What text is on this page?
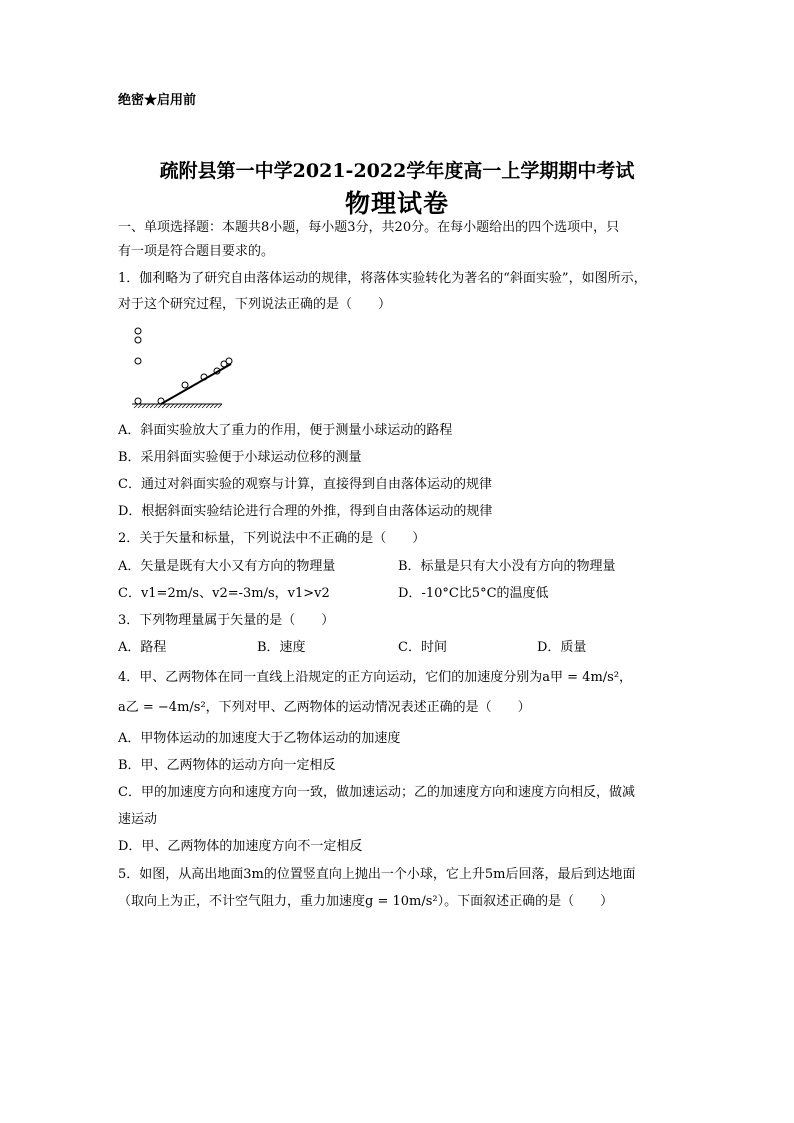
绝密★启用前
疏附县第一中学2021-2022学年度高一上学期期中考试
物理试卷
一、单项选择题：本题共8小题，每小题3分，共20分。在每小题给出的四个选项中，只
有一项是符合题目要求的。
1．伽利略为了研究自由落体运动的规律，将落体实验转化为著名的“斜面实验”，如图所示，
对于这个研究过程，下列说法正确的是（　　）
A．斜面实验放大了重力的作用，便于测量小球运动的路程
B．采用斜面实验便于小球运动位移的测量
C．通过对斜面实验的观察与计算，直接得到自由落体运动的规律
D．根据斜面实验结论进行合理的外推，得到自由落体运动的规律
2．关于矢量和标量，下列说法中不正确的是（　　）
A．矢量是既有大小又有方向的物理量	B．标量是只有大小没有方向的物理量
C．v1=2m/s、v2=-3m/s，v1>v2	D．-10°C比5°C的温度低
3．下列物理量属于矢量的是（　　）
A．路程	B．速度	C．时间	D．质量
4．甲、乙两物体在同一直线上沿规定的正方向运动，它们的加速度分别为a甲 = 4m/s²，
a乙 = −4m/s²，下列对甲、乙两物体的运动情况表述正确的是（　　）
A．甲物体运动的加速度大于乙物体运动的加速度
B．甲、乙两物体的运动方向一定相反
C．甲的加速度方向和速度方向一致，做加速运动；乙的加速度方向和速度方向相反，做减
速运动
D．甲、乙两物体的加速度方向不一定相反
5．如图，从高出地面3m的位置竖直向上抛出一个小球，它上升5m后回落，最后到达地面
（取向上为正，不计空气阻力，重力加速度g = 10m/s²）。下面叙述正确的是（　　）
